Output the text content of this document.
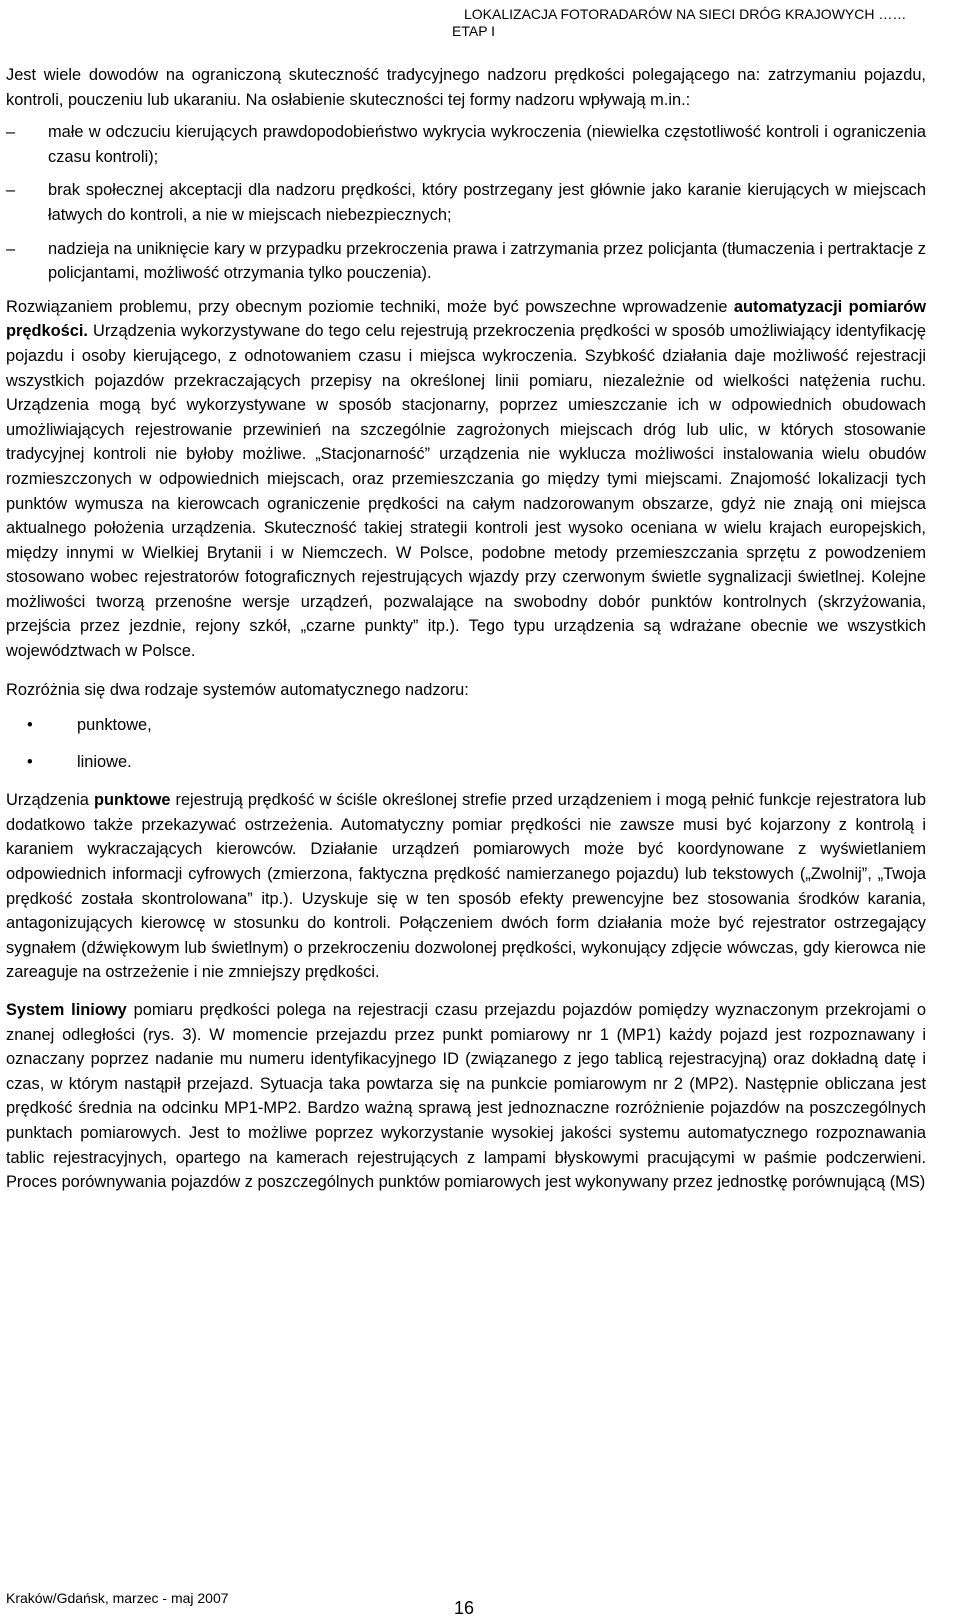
LOKALIZACJA FOTORADARÓW NA SIECI DRÓG KRAJOWYCH ……
ETAP I

Jest wiele dowodów na ograniczoną skuteczność tradycyjnego nadzoru prędkości polegającego na: zatrzymaniu pojazdu, kontroli, pouczeniu lub ukaraniu. Na osłabienie skuteczności tej formy nadzoru wpływają m.in.:

–	małe w odczuciu kierujących prawdopodobieństwo wykrycia wykroczenia (niewielka częstotliwość kontroli i ograniczenia czasu kontroli);
–	brak społecznej akceptacji dla nadzoru prędkości, który postrzegany jest głównie jako karanie kierujących w miejscach łatwych do kontroli, a nie w miejscach niebezpiecznych;
–	nadzieja na uniknięcie kary w przypadku przekroczenia prawa i zatrzymania przez policjanta (tłumaczenia i pertraktacje z policjantami, możliwość otrzymania tylko pouczenia).

Rozwiązaniem problemu, przy obecnym poziomie techniki, może być powszechne wprowadzenie automatyzacji pomiarów prędkości. Urządzenia wykorzystywane do tego celu rejestrują przekroczenia prędkości w sposób umożliwiający identyfikację pojazdu i osoby kierującego, z odnotowaniem czasu i miejsca wykroczenia. Szybkość działania daje możliwość rejestracji wszystkich pojazdów przekraczających przepisy na określonej linii pomiaru, niezależnie od wielkości natężenia ruchu. Urządzenia mogą być wykorzystywane w sposób stacjonarny, poprzez umieszczanie ich w odpowiednich obudowach umożliwiających rejestrowanie przewinień na szczególnie zagrożonych miejscach dróg lub ulic, w których stosowanie tradycyjnej kontroli nie byłoby możliwe. „Stacjonarność” urządzenia nie wyklucza możliwości instalowania wielu obudów rozmieszczonych w odpowiednich miejscach, oraz przemieszczania go między tymi miejscami. Znajomość lokalizacji tych punktów wymusza na kierowcach ograniczenie prędkości na całym nadzorowanym obszarze, gdyż nie znają oni miejsca aktualnego położenia urządzenia. Skuteczność takiej strategii kontroli jest wysoko oceniana w wielu krajach europejskich, między innymi w Wielkiej Brytanii i w Niemczech. W Polsce, podobne metody przemieszczania sprzętu z powodzeniem stosowano wobec rejestratorów fotograficznych rejestrujących wjazdy przy czerwonym świetle sygnalizacji świetlnej. Kolejne możliwości tworzą przenośne wersje urządzeń, pozwalające na swobodny dobór punktów kontrolnych (skrzyżowania, przejścia przez jezdnie, rejony szkół, „czarne punkty” itp.). Tego typu urządzenia są wdrażane obecnie we wszystkich województwach w Polsce.

Rozróżnia się dwa rodzaje systemów automatycznego nadzoru:

•	punktowe,
•	liniowe.

Urządzenia punktowe rejestrują prędkość w ściśle określonej strefie przed urządzeniem i mogą pełnić funkcje rejestratora lub dodatkowo także przekazywać ostrzeżenia. Automatyczny pomiar prędkości nie zawsze musi być kojarzony z kontrolą i karaniem wykraczających kierowców. Działanie urządzeń pomiarowych może być koordynowane z wyświetlaniem odpowiednich informacji cyfrowych (zmierzona, faktyczna prędkość namierzanego pojazdu) lub tekstowych („Zwolnij”, „Twoja prędkość została skontrolowana” itp.). Uzyskuje się w ten sposób efekty prewencyjne bez stosowania środków karania, antagonizujących kierowcę w stosunku do kontroli. Połączeniem dwóch form działania może być rejestrator ostrzegający sygnałem (dźwiękowym lub świetlnym) o przekroczeniu dozwolonej prędkości, wykonujący zdjęcie wówczas, gdy kierowca nie zareaguje na ostrzeżenie i nie zmniejszy prędkości.

System liniowy pomiaru prędkości polega na rejestracji czasu przejazdu pojazdów pomiędzy wyznaczonym przekrojami o znanej odległości (rys. 3). W momencie przejazdu przez punkt pomiarowy nr 1 (MP1) każdy pojazd jest rozpoznawany i oznaczany poprzez nadanie mu numeru identyfikacyjnego ID (związanego z jego tablicą rejestracyjną) oraz dokładną datę i czas, w którym nastąpił przejazd. Sytuacja taka powtarza się na punkcie pomiarowym nr 2 (MP2). Następnie obliczana jest prędkość średnia na odcinku MP1-MP2. Bardzo ważną sprawą jest jednoznaczne rozróżnienie pojazdów na poszczególnych punktach pomiarowych. Jest to możliwe poprzez wykorzystanie wysokiej jakości systemu automatycznego rozpoznawania tablic rejestracyjnych, opartego na kamerach rejestrujących z lampami błyskowymi pracującymi w paśmie podczerwieni. Proces porównywania pojazdów z poszczególnych punktów pomiarowych jest wykonywany przez jednostkę porównującą (MS)

Kraków/Gdańsk, marzec - maj 2007	16
